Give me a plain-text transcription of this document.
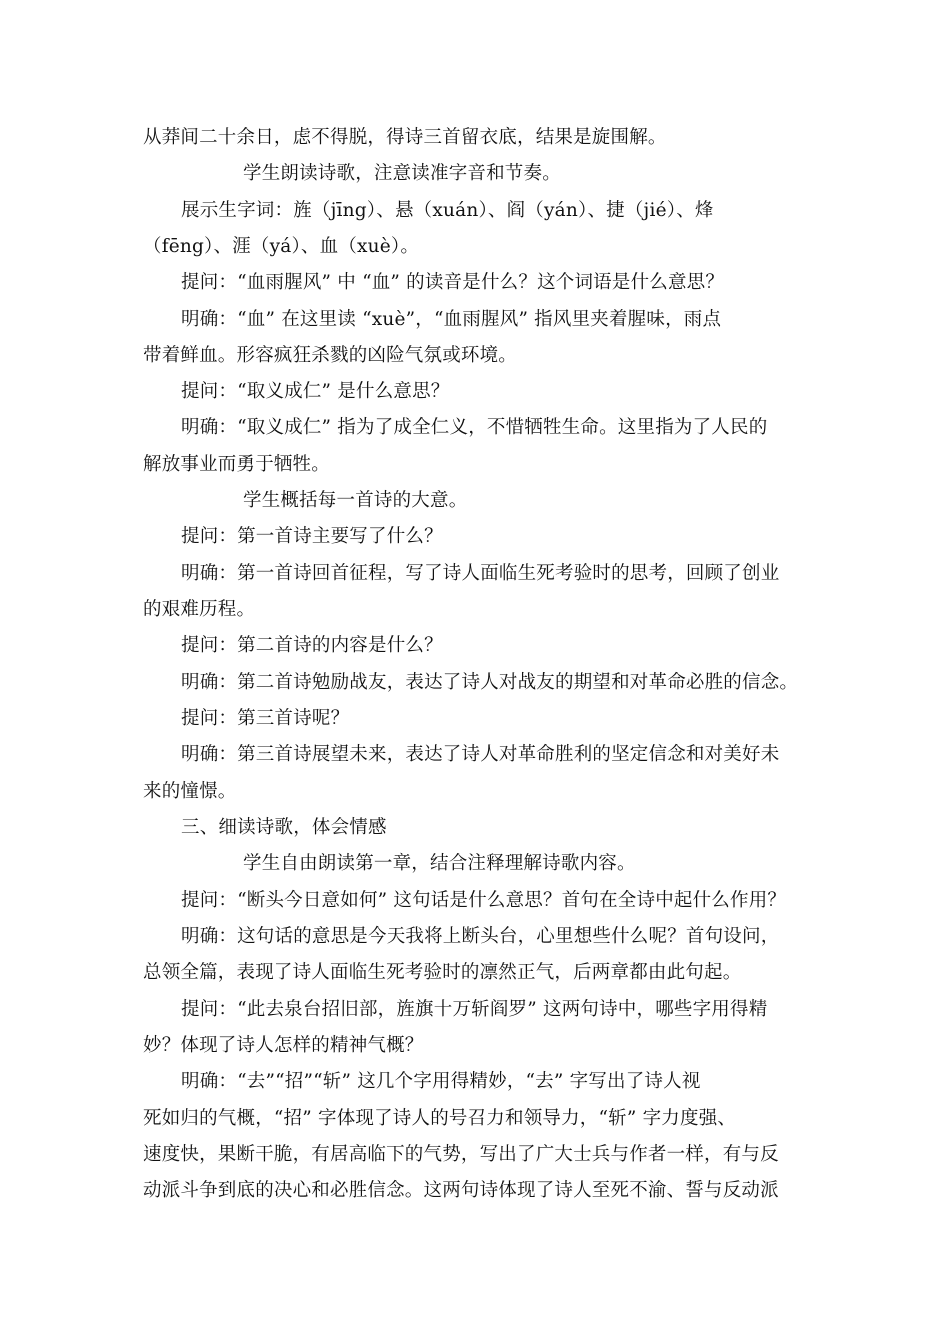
从莽间二十余日，虑不得脱，得诗三首留衣底，结果是旋围解。
学生朗读诗歌，注意读准字音和节奏。
展示生字词：旌（jīng）、悬（xuán）、阎（yán）、捷（jié）、烽
（fēng）、涯（yá）、血（xuè）。
提问：“血雨腥风” 中 “血” 的读音是什么？这个词语是什么意思？
明确：“血” 在这里读 “xuè”，“血雨腥风” 指风里夹着腥味，雨点
带着鲜血。形容疯狂杀戮的凶险气氛或环境。
提问：“取义成仁” 是什么意思？
明确：“取义成仁” 指为了成全仁义，不惜牺牲生命。这里指为了人民的
解放事业而勇于牺牲。
学生概括每一首诗的大意。
提问：第一首诗主要写了什么？
明确：第一首诗回首征程，写了诗人面临生死考验时的思考，回顾了创业
的艰难历程。
提问：第二首诗的内容是什么？
明确：第二首诗勉励战友，表达了诗人对战友的期望和对革命必胜的信念。
提问：第三首诗呢？
明确：第三首诗展望未来，表达了诗人对革命胜利的坚定信念和对美好未
来的憧憬。
三、细读诗歌，体会情感
学生自由朗读第一章，结合注释理解诗歌内容。
提问：“断头今日意如何” 这句话是什么意思？首句在全诗中起什么作用？
明确：这句话的意思是今天我将上断头台，心里想些什么呢？首句设问，
总领全篇，表现了诗人面临生死考验时的凛然正气，后两章都由此句起。
提问：“此去泉台招旧部，旌旗十万斩阎罗” 这两句诗中，哪些字用得精
妙？体现了诗人怎样的精神气概？
明确：“去”“招”“斩” 这几个字用得精妙，“去” 字写出了诗人视
死如归的气概，“招” 字体现了诗人的号召力和领导力，“斩” 字力度强、
速度快，果断干脆，有居高临下的气势，写出了广大士兵与作者一样，有与反
动派斗争到底的决心和必胜信念。这两句诗体现了诗人至死不渝、誓与反动派
